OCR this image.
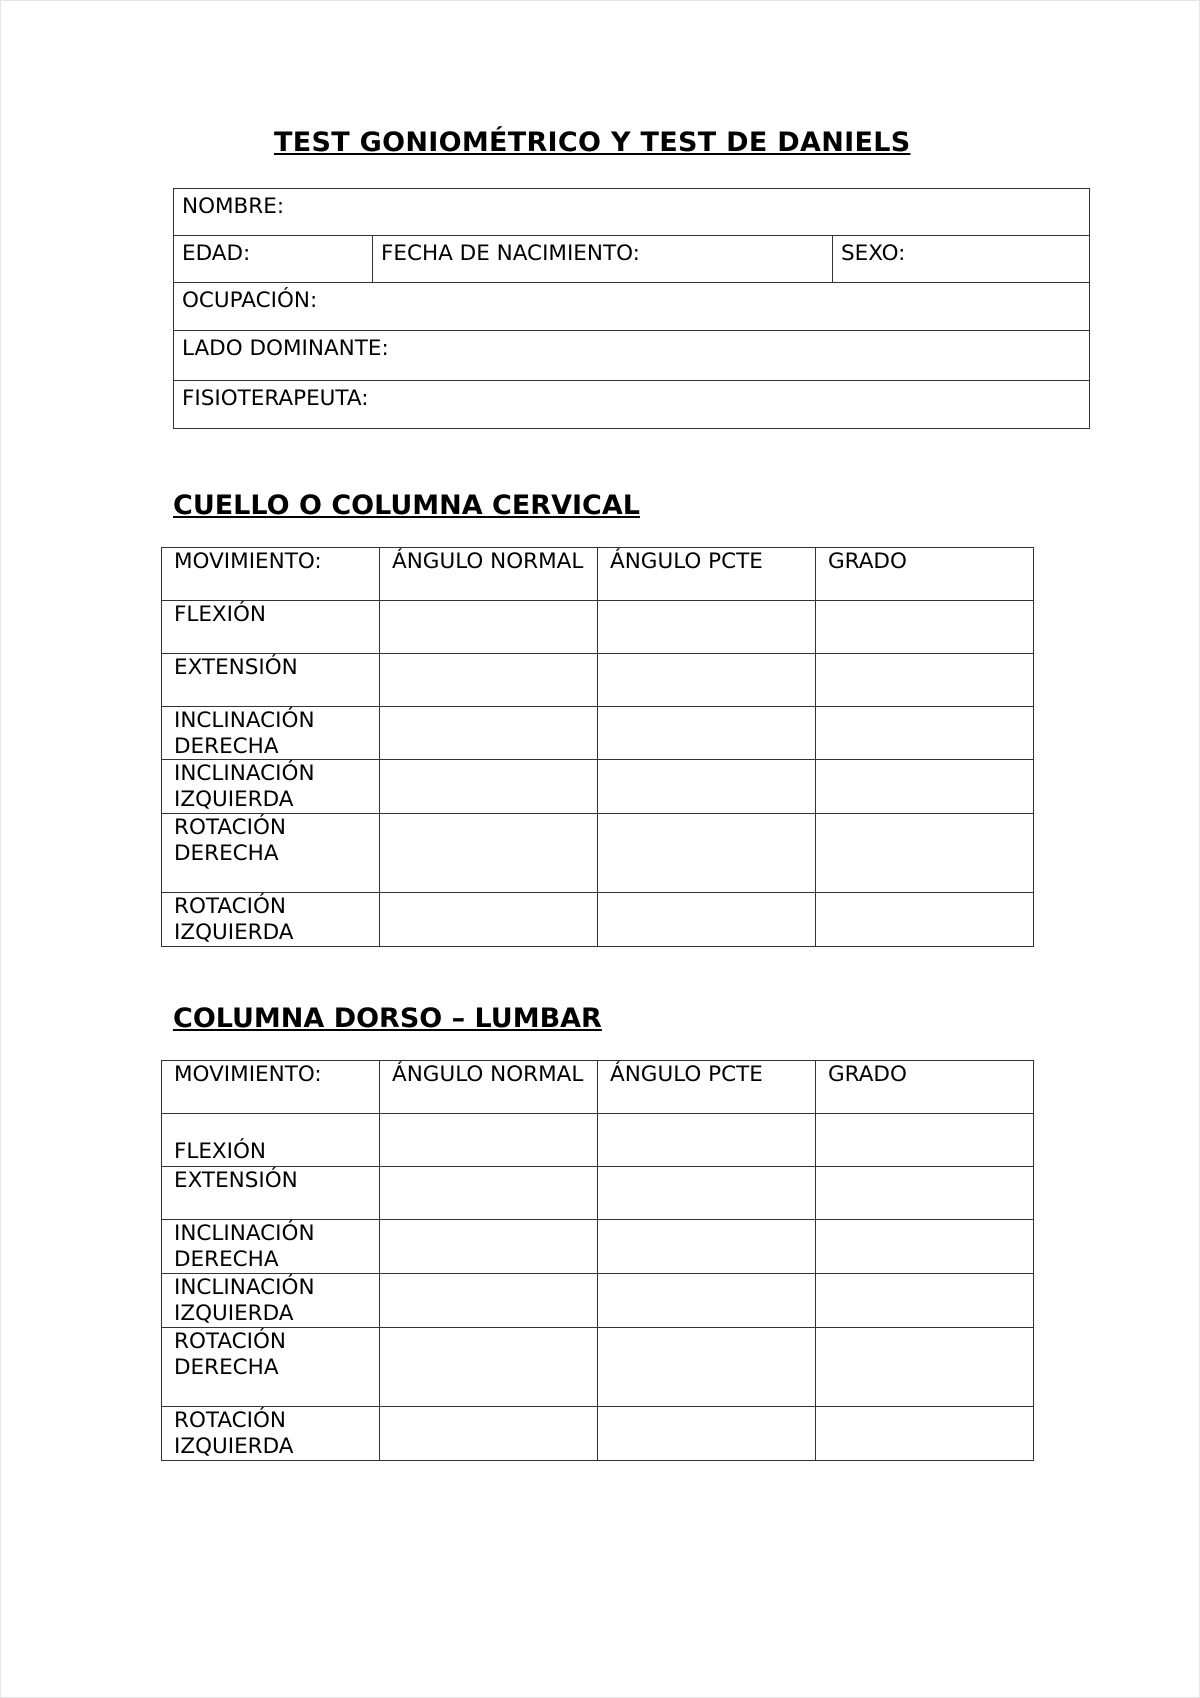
TEST GONIOMÉTRICO Y TEST DE DANIELS
NOMBRE:
EDAD:	FECHA DE NACIMIENTO:	SEXO:
OCUPACIÓN:
LADO DOMINANTE:
FISIOTERAPEUTA:
CUELLO O COLUMNA CERVICAL
MOVIMIENTO:	ÁNGULO NORMAL	ÁNGULO PCTE	GRADO

FLEXIÓN			

EXTENSIÓN			

INCLINACIÓN DERECHA			

INCLINACIÓN IZQUIERDA			

ROTACIÓN DERECHA			

ROTACIÓN IZQUIERDA			

COLUMNA DORSO – LUMBAR
MOVIMIENTO:	ÁNGULO NORMAL	ÁNGULO PCTE	GRADO

FLEXIÓN			

EXTENSIÓN			

INCLINACIÓN DERECHA			

INCLINACIÓN IZQUIERDA			

ROTACIÓN DERECHA			

ROTACIÓN IZQUIERDA			
